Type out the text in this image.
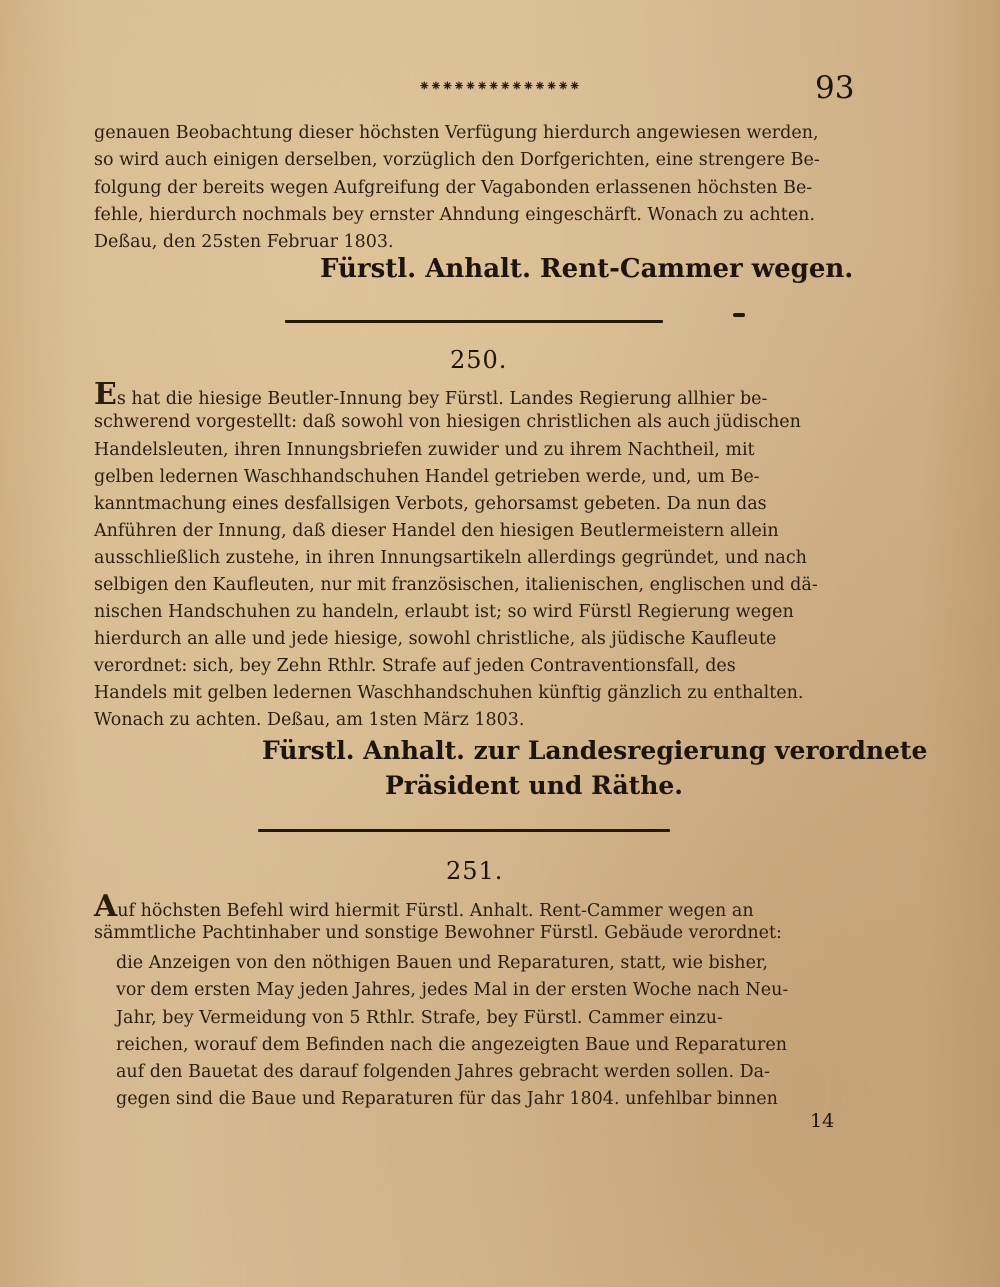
⁕⁕⁕⁕⁕⁕⁕⁕⁕⁕⁕⁕⁕⁕	93
genauen Beobachtung dieser höchsten Verfügung hierdurch angewiesen werden,
so wird auch einigen derselben, vorzüglich den Dorfgerichten, eine strengere Be-
folgung der bereits wegen Aufgreifung der Vagabonden erlassenen höchsten Be-
fehle, hierdurch nochmals bey ernster Ahndung eingeschärft. Wonach zu achten.
Deßau, den 25sten Februar 1803.
Fürstl. Anhalt. Rent-Cammer wegen.
250.
Es hat die hiesige Beutler-Innung bey Fürstl. Landes Regierung allhier be-
schwerend vorgestellt: daß sowohl von hiesigen christlichen als auch jüdischen
Handelsleuten, ihren Innungsbriefen zuwider und zu ihrem Nachtheil, mit
gelben ledernen Waschhandschuhen Handel getrieben werde, und, um Be-
kanntmachung eines desfallsigen Verbots, gehorsamst gebeten. Da nun das
Anführen der Innung, daß dieser Handel den hiesigen Beutlermeistern allein
ausschließlich zustehe, in ihren Innungsartikeln allerdings gegründet, und nach
selbigen den Kaufleuten, nur mit französischen, italienischen, englischen und dä-
nischen Handschuhen zu handeln, erlaubt ist; so wird Fürstl Regierung wegen
hierdurch an alle und jede hiesige, sowohl christliche, als jüdische Kaufleute
verordnet: sich, bey Zehn Rthlr. Strafe auf jeden Contraventionsfall, des
Handels mit gelben ledernen Waschhandschuhen künftig gänzlich zu enthalten.
Wonach zu achten. Deßau, am 1sten März 1803.
Fürstl. Anhalt. zur Landesregierung verordnete
Präsident und Räthe.
251.
Auf höchsten Befehl wird hiermit Fürstl. Anhalt. Rent-Cammer wegen an
sämmtliche Pachtinhaber und sonstige Bewohner Fürstl. Gebäude verordnet:
die Anzeigen von den nöthigen Bauen und Reparaturen, statt, wie bisher,
vor dem ersten May jeden Jahres, jedes Mal in der ersten Woche nach Neu-
Jahr, bey Vermeidung von 5 Rthlr. Strafe, bey Fürstl. Cammer einzu-
reichen, worauf dem Befinden nach die angezeigten Baue und Reparaturen
auf den Bauetat des darauf folgenden Jahres gebracht werden sollen. Da-
gegen sind die Baue und Reparaturen für das Jahr 1804. unfehlbar binnen
14
